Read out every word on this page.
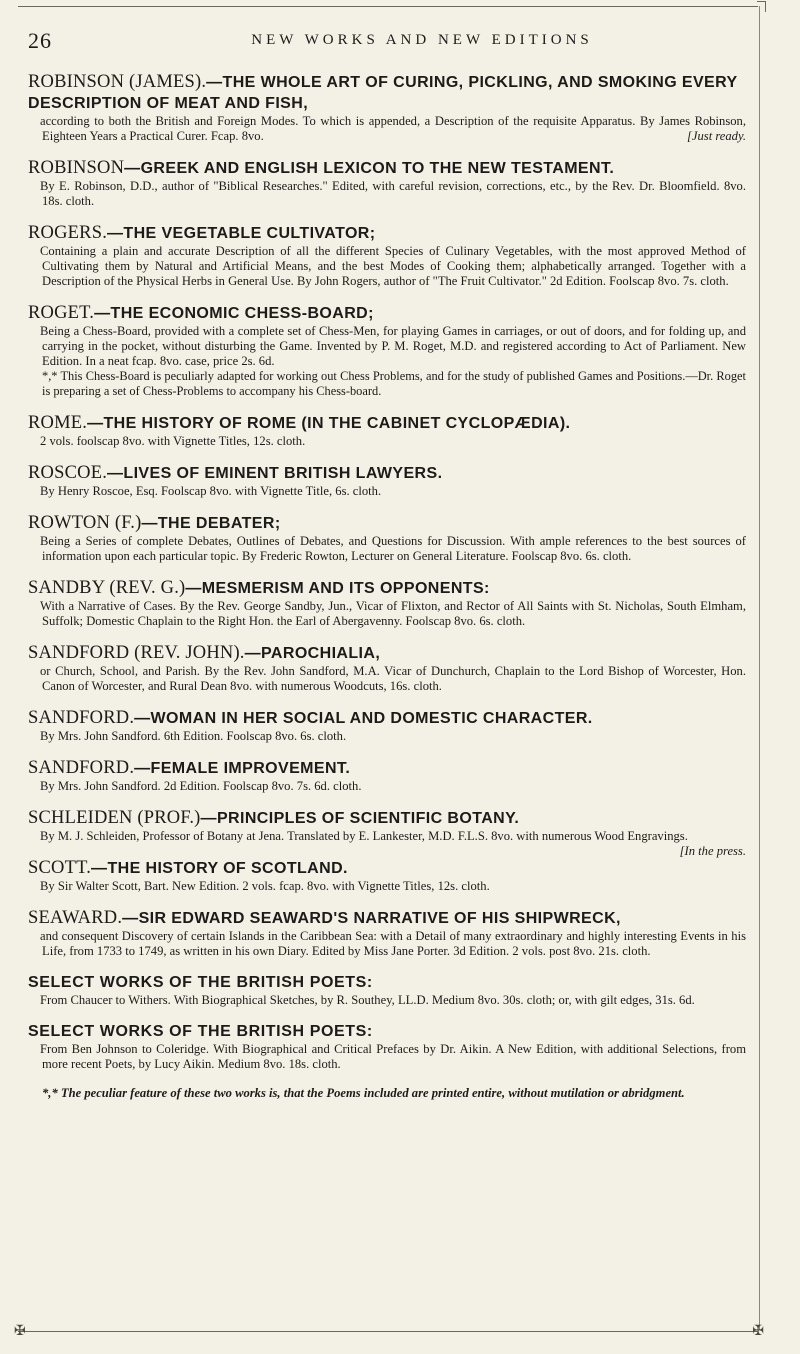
26	NEW WORKS AND NEW EDITIONS
ROBINSON (JAMES).—THE WHOLE ART OF CURING, PICKLING, AND SMOKING EVERY DESCRIPTION OF MEAT AND FISH,
according to both the British and Foreign Modes. To which is appended, a Description of the requisite Apparatus. By James Robinson, Eighteen Years a Practical Curer. Fcap. 8vo.	[Just ready.
ROBINSON—GREEK AND ENGLISH LEXICON TO THE NEW TESTAMENT.
By E. Robinson, D.D., author of "Biblical Researches." Edited, with careful revision, corrections, etc., by the Rev. Dr. Bloomfield. 8vo. 18s. cloth.
ROGERS.—THE VEGETABLE CULTIVATOR;
Containing a plain and accurate Description of all the different Species of Culinary Vegetables, with the most approved Method of Cultivating them by Natural and Artificial Means, and the best Modes of Cooking them; alphabetically arranged. Together with a Description of the Physical Herbs in General Use. By John Rogers, author of "The Fruit Cultivator." 2d Edition. Foolscap 8vo. 7s. cloth.
ROGET.—THE ECONOMIC CHESS-BOARD;
Being a Chess-Board, provided with a complete set of Chess-Men, for playing Games in carriages, or out of doors, and for folding up, and carrying in the pocket, without disturbing the Game. Invented by P. M. Roget, M.D. and registered according to Act of Parliament. New Edition. In a neat fcap. 8vo. case, price 2s. 6d.
*,* This Chess-Board is peculiarly adapted for working out Chess Problems, and for the study of published Games and Positions.—Dr. Roget is preparing a set of Chess-Problems to accompany his Chess-board.
ROME.—THE HISTORY OF ROME (IN THE CABINET CYCLOPÆDIA).
2 vols. foolscap 8vo. with Vignette Titles, 12s. cloth.
ROSCOE.—LIVES OF EMINENT BRITISH LAWYERS.
By Henry Roscoe, Esq. Foolscap 8vo. with Vignette Title, 6s. cloth.
ROWTON (F.)—THE DEBATER;
Being a Series of complete Debates, Outlines of Debates, and Questions for Discussion. With ample references to the best sources of information upon each particular topic. By Frederic Rowton, Lecturer on General Literature. Foolscap 8vo. 6s. cloth.
SANDBY (REV. G.)—MESMERISM AND ITS OPPONENTS:
With a Narrative of Cases. By the Rev. George Sandby, Jun., Vicar of Flixton, and Rector of All Saints with St. Nicholas, South Elmham, Suffolk; Domestic Chaplain to the Right Hon. the Earl of Abergavenny. Foolscap 8vo. 6s. cloth.
SANDFORD (REV. JOHN).—PAROCHIALIA,
or Church, School, and Parish. By the Rev. John Sandford, M.A. Vicar of Dunchurch, Chaplain to the Lord Bishop of Worcester, Hon. Canon of Worcester, and Rural Dean 8vo. with numerous Woodcuts, 16s. cloth.
SANDFORD.—WOMAN IN HER SOCIAL AND DOMESTIC CHARACTER.
By Mrs. John Sandford. 6th Edition. Foolscap 8vo. 6s. cloth.
SANDFORD.—FEMALE IMPROVEMENT.
By Mrs. John Sandford. 2d Edition. Foolscap 8vo. 7s. 6d. cloth.
SCHLEIDEN (PROF.)—PRINCIPLES OF SCIENTIFIC BOTANY.
By M. J. Schleiden, Professor of Botany at Jena. Translated by E. Lankester, M.D. F.L.S. 8vo. with numerous Wood Engravings.
[In the press.
SCOTT.—THE HISTORY OF SCOTLAND.
By Sir Walter Scott, Bart. New Edition. 2 vols. fcap. 8vo. with Vignette Titles, 12s. cloth.
SEAWARD.—SIR EDWARD SEAWARD'S NARRATIVE OF HIS SHIPWRECK,
and consequent Discovery of certain Islands in the Caribbean Sea: with a Detail of many extraordinary and highly interesting Events in his Life, from 1733 to 1749, as written in his own Diary. Edited by Miss Jane Porter. 3d Edition. 2 vols. post 8vo. 21s. cloth.
SELECT WORKS OF THE BRITISH POETS:
From Chaucer to Withers. With Biographical Sketches, by R. Southey, LL.D. Medium 8vo. 30s. cloth; or, with gilt edges, 31s. 6d.
SELECT WORKS OF THE BRITISH POETS:
From Ben Johnson to Coleridge. With Biographical and Critical Prefaces by Dr. Aikin. A New Edition, with additional Selections, from more recent Poets, by Lucy Aikin. Medium 8vo. 18s. cloth.
*,* The peculiar feature of these two works is, that the Poems included are printed entire, without mutilation or abridgment.
✠	✠
